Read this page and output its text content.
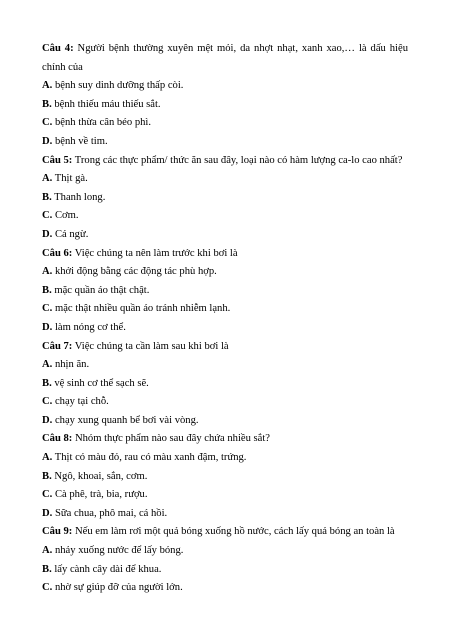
Câu 4: Người bệnh thường xuyên mệt mỏi, da nhợt nhạt, xanh xao,… là dấu hiệu chính của

A. bệnh suy dinh dưỡng thấp còi.

B. bệnh thiếu máu thiếu sắt.

C. bệnh thừa cân béo phì.

D. bệnh về tim.

Câu 5: Trong các thực phẩm/ thức ăn sau đây, loại nào có hàm lượng ca-lo cao nhất?

A. Thịt gà.

B. Thanh long.

C. Cơm.

D. Cá ngừ.

Câu 6: Việc chúng ta nên làm trước khi bơi là

A. khởi động bằng các động tác phù hợp.

B. mặc quần áo thật chật.

C. mặc thật nhiều quần áo tránh nhiễm lạnh.

D. làm nóng cơ thể.

Câu 7: Việc chúng ta cần làm sau khi bơi là

A. nhịn ăn.

B. vệ sinh cơ thể sạch sẽ.

C. chạy tại chỗ.

D. chạy xung quanh bể bơi vài vòng.

Câu 8: Nhóm thực phẩm nào sau đây chứa nhiều sắt?

A. Thịt có màu đỏ, rau có màu xanh đậm, trứng.

B. Ngô, khoai, sắn, cơm.

C. Cà phê, trà, bia, rượu.

D. Sữa chua, phô mai, cá hồi.

Câu 9: Nếu em làm rơi một quả bóng xuống hồ nước, cách lấy quả bóng an toàn là

A. nhảy xuống nước để lấy bóng.

B. lấy cành cây dài để khua.

C. nhờ sự giúp đỡ của người lớn.
